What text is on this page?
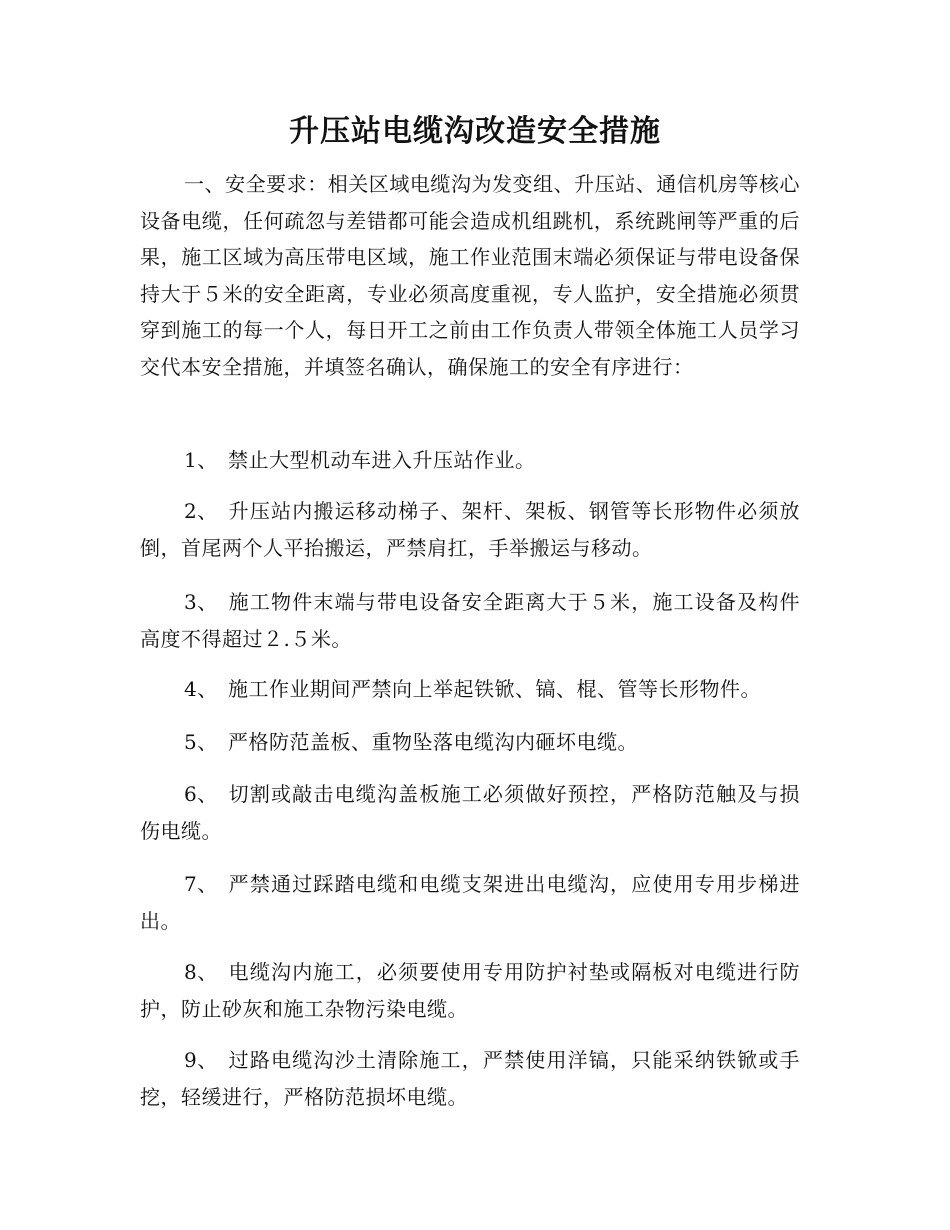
升压站电缆沟改造安全措施
一、安全要求：相关区域电缆沟为发变组、升压站、通信机房等核心设备电缆，任何疏忽与差错都可能会造成机组跳机，系统跳闸等严重的后果，施工区域为高压带电区域，施工作业范围末端必须保证与带电设备保持大于５米的安全距离，专业必须高度重视，专人监护，安全措施必须贯穿到施工的每一个人，每日开工之前由工作负责人带领全体施工人员学习交代本安全措施，并填签名确认，确保施工的安全有序进行：
1、 禁止大型机动车进入升压站作业。
2、 升压站内搬运移动梯子、架杆、架板、钢管等长形物件必须放倒，首尾两个人平抬搬运，严禁肩扛，手举搬运与移动。
3、 施工物件末端与带电设备安全距离大于５米，施工设备及构件高度不得超过２.５米。
4、 施工作业期间严禁向上举起铁锨、镐、棍、管等长形物件。
5、 严格防范盖板、重物坠落电缆沟内砸坏电缆。
6、 切割或敲击电缆沟盖板施工必须做好预控，严格防范触及与损伤电缆。
7、 严禁通过踩踏电缆和电缆支架进出电缆沟，应使用专用步梯进出。
8、 电缆沟内施工，必须要使用专用防护衬垫或隔板对电缆进行防护，防止砂灰和施工杂物污染电缆。
9、 过路电缆沟沙土清除施工，严禁使用洋镐，只能采纳铁锨或手挖，轻缓进行，严格防范损坏电缆。
